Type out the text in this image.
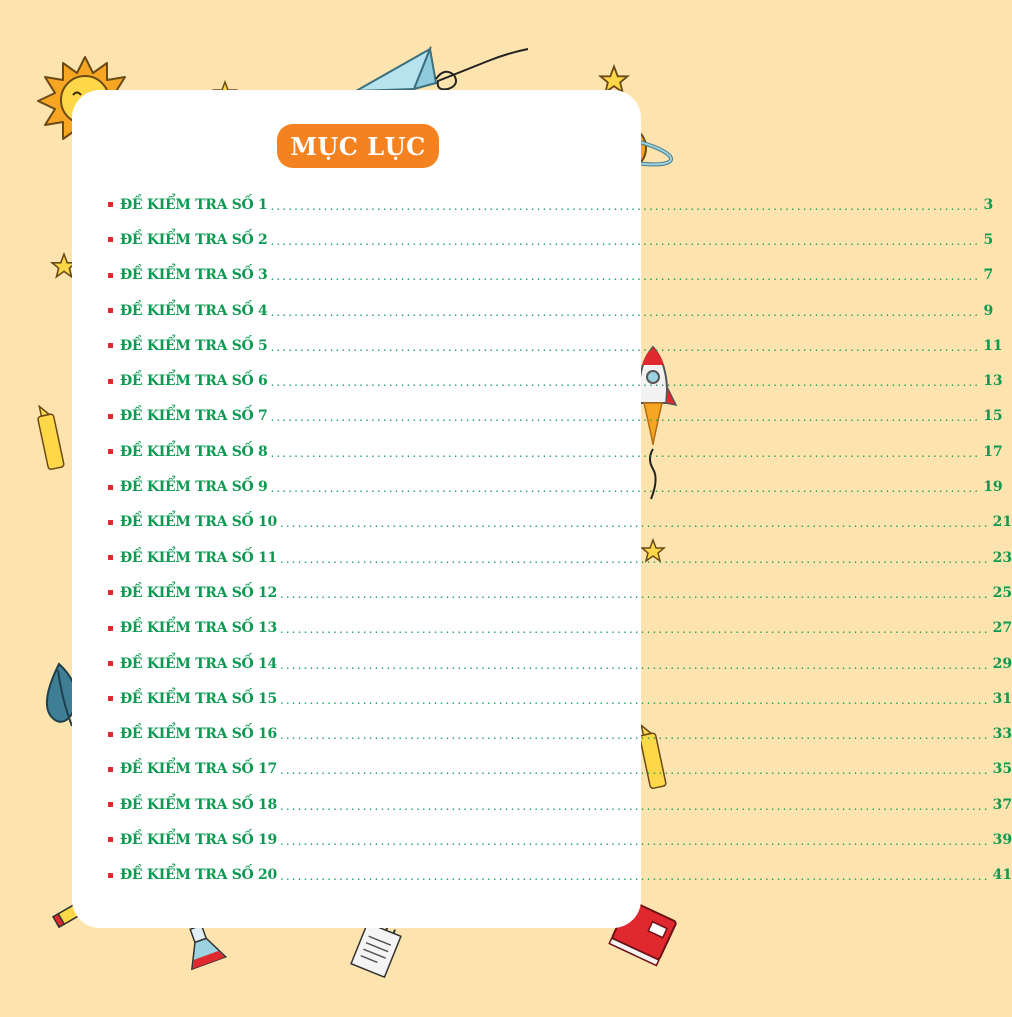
MỤC LỤC
ĐỀ KIỂM TRA SỐ 1 ........................................................................................................................ 3
ĐỀ KIỂM TRA SỐ 2 ........................................................................................................................ 5
ĐỀ KIỂM TRA SỐ 3 ........................................................................................................................ 7
ĐỀ KIỂM TRA SỐ 4 ........................................................................................................................ 9
ĐỀ KIỂM TRA SỐ 5 ........................................................................................................................ 11
ĐỀ KIỂM TRA SỐ 6 ........................................................................................................................ 13
ĐỀ KIỂM TRA SỐ 7 ........................................................................................................................ 15
ĐỀ KIỂM TRA SỐ 8 ........................................................................................................................ 17
ĐỀ KIỂM TRA SỐ 9 ........................................................................................................................ 19
ĐỀ KIỂM TRA SỐ 10 ........................................................................................................................ 21
ĐỀ KIỂM TRA SỐ 11 ........................................................................................................................ 23
ĐỀ KIỂM TRA SỐ 12 ........................................................................................................................ 25
ĐỀ KIỂM TRA SỐ 13 ........................................................................................................................ 27
ĐỀ KIỂM TRA SỐ 14 ........................................................................................................................ 29
ĐỀ KIỂM TRA SỐ 15 ........................................................................................................................ 31
ĐỀ KIỂM TRA SỐ 16 ........................................................................................................................ 33
ĐỀ KIỂM TRA SỐ 17 ........................................................................................................................ 35
ĐỀ KIỂM TRA SỐ 18 ........................................................................................................................ 37
ĐỀ KIỂM TRA SỐ 19 ........................................................................................................................ 39
ĐỀ KIỂM TRA SỐ 20 ........................................................................................................................ 41
